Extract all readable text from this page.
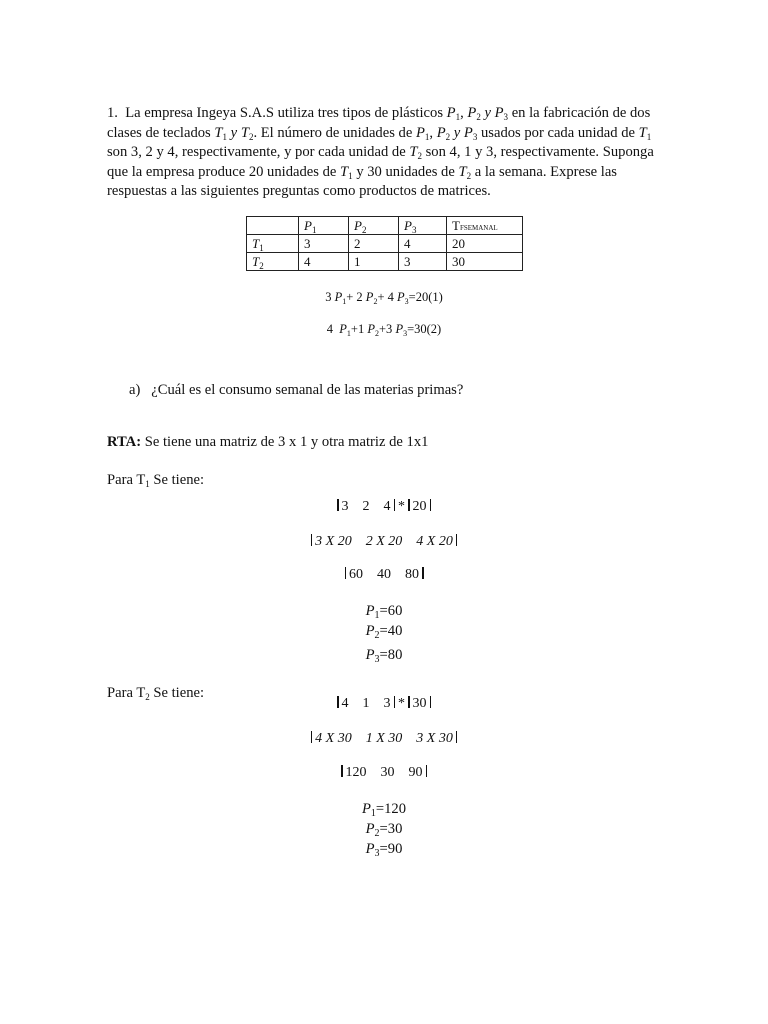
1. La empresa Ingeya S.A.S utiliza tres tipos de plásticos $P_1$, $P_2$ y $P_3$ en la fabricación de dos clases de teclados $T_1$ y $T_2$. El número de unidades de $P_1$, $P_2$ y $P_3$ usados por cada unidad de $T_1$ son 3, 2 y 4, respectivamente, y por cada unidad de $T_2$ son 4, 1 y 3, respectivamente. Suponga que la empresa produce 20 unidades de $T_1$ y 30 unidades de $T_2$ a la semana. Exprese las respuestas a las siguientes preguntas como productos de matrices.

	$P_1$	$P_2$	$P_3$	TFSEMANAL
$T_1$	3	2	4	20
$T_2$	4	1	3	30
3 $P_1+ 2$ $P_2+ 4$ $P_3=20(1)$
4 $P_1+1$ $P_2+3$ $P_3=30(2)$
a) ¿Cuál es el consumo semanal de las materias primas?
RTA: Se tiene una matriz de 3 x 1 y otra matriz de 1x1
Para $T_1$ Se tiene:
3 2 4 * 20
3 X 20 2 X 20 4 X 20
60 40 80
$P_1=60$
$P_2=40$
$P_3=80$
Para $T_2$ Se tiene:
4 1 3 * 30
4 X 30 1 X 30 3 X 30
120 30 90
$P_1=120$
$P_2=30$
$P_3=90$
